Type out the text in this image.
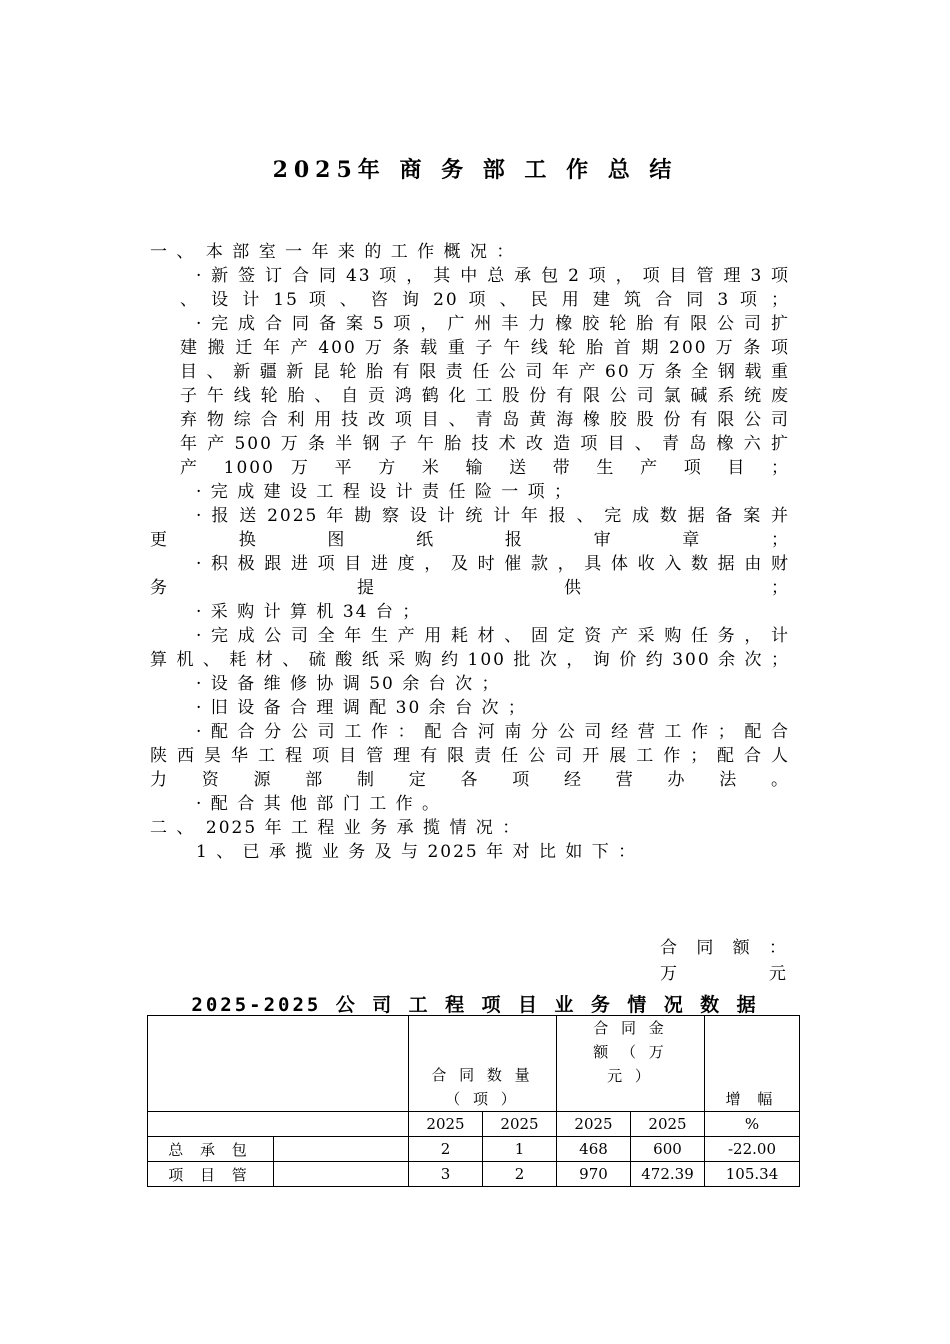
2025年 商 务 部 工 作 总 结
一 、　本 部 室 一 年 来 的 工 作 概 况 ：
· 新 签 订 合 同 43 项 ， 其 中 总 承 包 2 项 ， 项 目 管 理 3 项 、 设 计 15 项 、 咨 询 20 项 、 民 用 建 筑 合 同 3 项 ；
· 完 成 合 同 备 案 5 项 ， 广 州 丰 力 橡 胶 轮 胎 有 限 公 司 扩 建 搬 迁 年 产 400 万 条 载 重 子 午 线 轮 胎 首 期 200 万 条 项 目 、 新 疆 新 昆 轮 胎 有 限 责 任 公 司 年 产 60 万 条 全 钢 载 重 子 午 线 轮 胎 、 自 贡 鸿 鹤 化 工 股 份 有 限 公 司 氯 碱 系 统 废 弃 物 综 合 利 用 技 改 项 目 、 青 岛 黄 海 橡 胶 股 份 有 限 公 司 年 产 500 万 条 半 钢 子 午 胎 技 术 改 造 项 目 、 青 岛 橡 六 扩 产 1000 万 平 方 米 输 送 带 生 产 项 目 ；
· 完 成 建 设 工 程 设 计 责 任 险 一 项 ；
· 报 送 2025 年 勘 察 设 计 统 计 年 报 、 完 成 数 据 备 案 并 更 换 图 纸 报 审 章 ；
· 积 极 跟 进 项 目 进 度 ， 及 时 催 款 ， 具 体 收 入 数 据 由 财 务 提 供 ；
· 采 购 计 算 机 34 台 ；
· 完 成 公 司 全 年 生 产 用 耗 材 、 固 定 资 产 采 购 任 务 ， 计 算 机 、 耗 材 、 硫 酸 纸 采 购 约 100 批 次 ， 询 价 约 300 余 次 ；
· 设 备 维 修 协 调 50 余 台 次 ；
· 旧 设 备 合 理 调 配 30 余 台 次 ；
· 配 合 分 公 司 工 作 ： 配 合 河 南 分 公 司 经 营 工 作 ； 配 合 陕 西 昊 华 工 程 项 目 管 理 有 限 责 任 公 司 开 展 工 作 ； 配 合 人 力 资 源 部 制 定 各 项 经 营 办 法 。
· 配 合 其 他 部 门 工 作 。
二 、　2025 年 工 程 业 务 承 揽 情 况 ：
1 、 已 承 揽 业 务 及 与 2025 年 对 比 如 下 ：
合 同 额 ： 万 元
2025-2025 公 司 工 程 项 目 业 务 情 况 数 据
		合 同 数 量 （ 项 ）		合 同 金 额 （ 万 元 ）		增 幅
		2025	2025	2025	2025	%
总 承 包		2	1	468	600	-22.00
项 目 管		3	2	970	472.39	105.34
